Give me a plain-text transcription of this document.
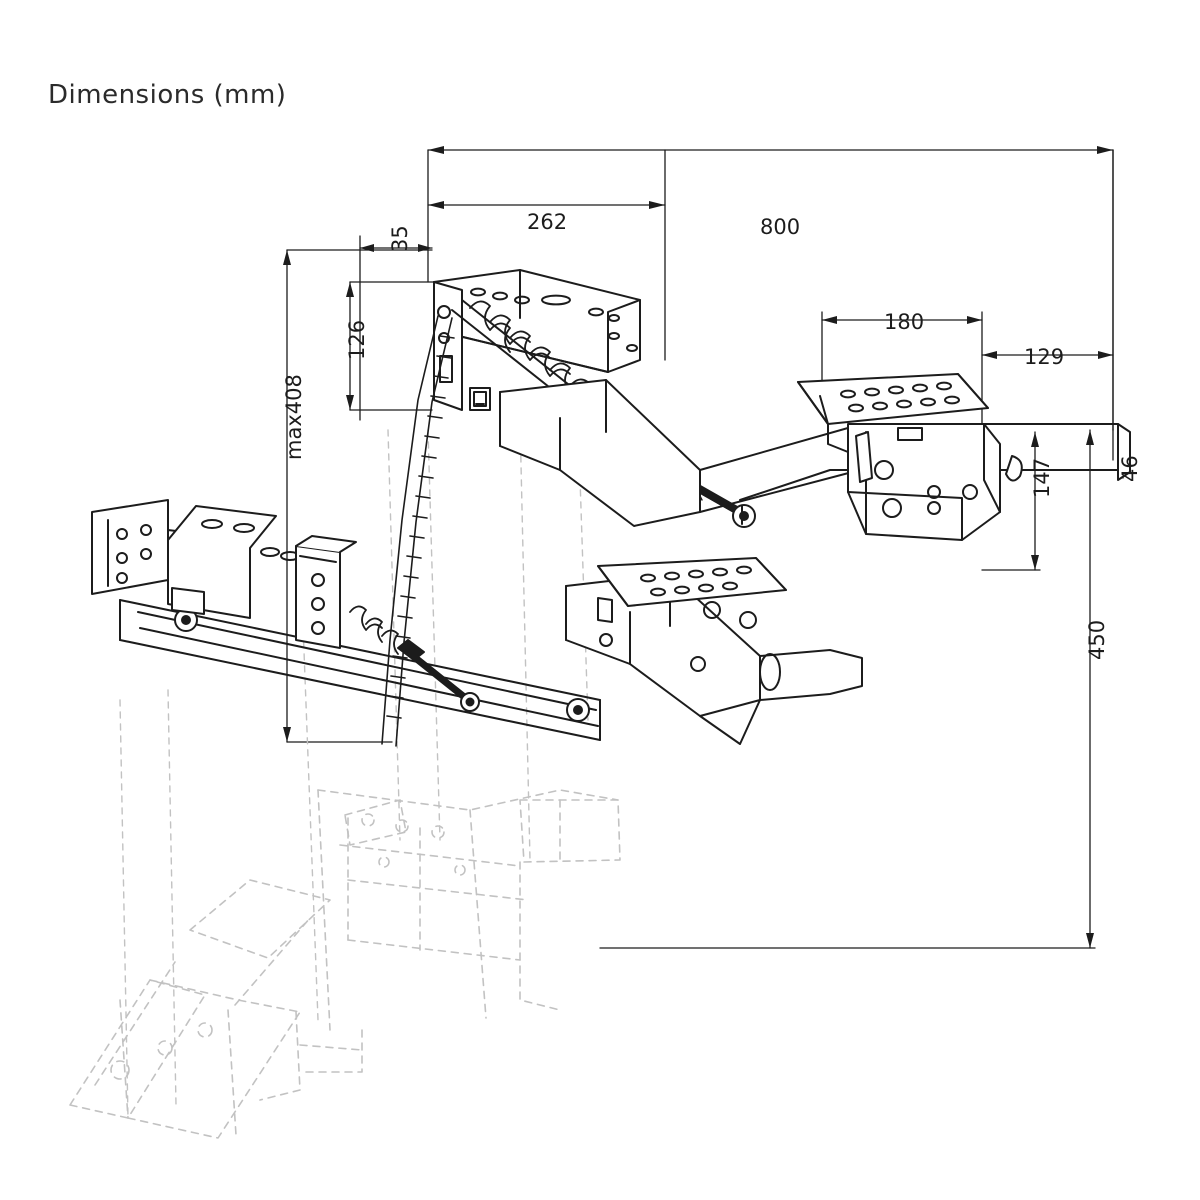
Dimensions (mm)
800
262
35
180
129
126
max408
147	46
450
